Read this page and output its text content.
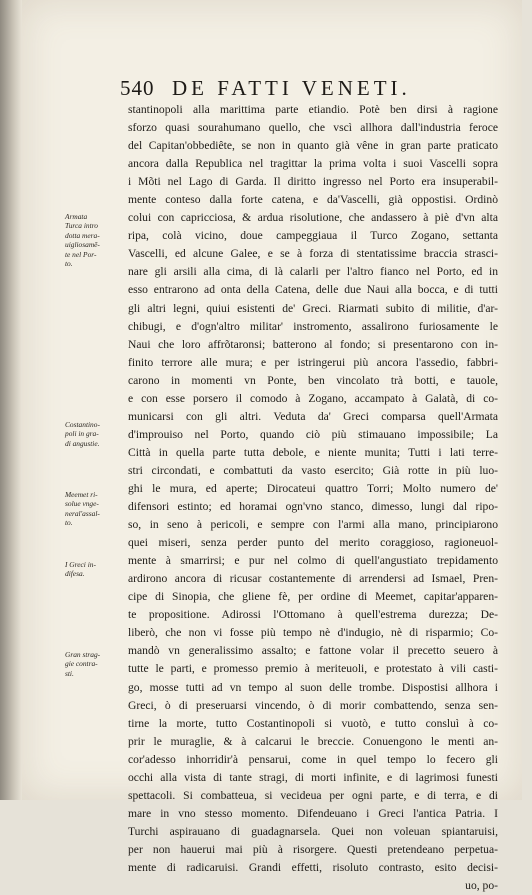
540 DE FATTI VENETI.
Armata
Turca intro
dotta mera-
uigliosamē-
te nel Por-
to.
Costantino-
poli in gra-
di angustie.
Meemet ri-
solue vnge-
neral'assal-
to.
I Greci in-
difesa.
Gran strag-
gie contra-
sti.
stantinopoli alla marittima parte etiandio. Potè ben dirsi à ragione
sforzo quasi sourahumano quello, che vscì allhora dall'industria feroce
del Capitan'obbediête, se non in quanto già vêne in gran parte praticato
ancora dalla Republica nel tragittar la prima volta i suoi Vascelli sopra
i Mõti nel Lago di Garda. Il diritto ingresso nel Porto era insuperabil-
mente conteso dalla forte catena, e da'Vascelli, già oppostisi. Ordinò
colui con capricciosa, & ardua risolutione, che andassero à piè d'vn alta
ripa, colà vicino, doue campeggiaua il Turco Zogano, settanta
Vascelli, ed alcune Galee, e se à forza di stentatissime braccia strasci-
nare gli arsili alla cima, di là calarli per l'altro fianco nel Porto, ed in
esso entrarono ad onta della Catena, delle due Naui alla bocca, e di tutti
gli altri legni, quiui esistenti de' Greci. Riarmati subito di militie, d'ar-
chibugi, e d'ogn'altro militar' instromento, assalirono furiosamente le
Naui che loro affrõtaronsi; batterono al fondo; si presentarono con in-
finito terrore alle mura; e per istringerui più ancora l'assedio, fabbri-
carono in momenti vn Ponte, ben vincolato trà botti, e tauole,
e con esse porsero il comodo à Zogano, accampato à Galatà, di co-
municarsi con gli altri. Veduta da' Greci comparsa quell'Armata
d'improuiso nel Porto, quando ciò più stimauano impossibile; La
Città in quella parte tutta debole, e niente munita; Tutti i lati terre-
stri circondati, e combattuti da vasto esercito; Già rotte in più luo-
ghi le mura, ed aperte; Dirocateui quattro Torri; Molto numero de'
difensori estinto; ed horamai ogn'vno stanco, dimesso, lungi dal ripo-
so, in seno à pericoli, e sempre con l'armi alla mano, principiarono
quei miseri, senza perder punto del merito coraggioso, ragioneuol-
mente à smarrirsi; e pur nel colmo di quell'angustiato trepidamento
ardirono ancora di ricusar costantemente di arrendersi ad Ismael, Pren-
cipe di Sinopia, che gliene fè, per ordine di Meemet, capitar'apparen-
te propositione. Adirossi l'Ottomano à quell'estrema durezza; De-
liberò, che non vi fosse più tempo nè d'indugio, nè di risparmio; Co-
mandò vn generalissimo assalto; e fattone volar il precetto seuero à
tutte le parti, e promesso premio à meriteuoli, e protestato à vili casti-
go, mosse tutti ad vn tempo al suon delle trombe. Dispostisi allhora i
Greci, ò di preseruarsi vincendo, ò di morir combattendo, senza sen-
tirne la morte, tutto Costantinopoli si vuotò, e tutto consluì à co-
prir le muraglie, & à calcarui le breccie. Conuengono le menti an-
cor'adesso inhorridir'à pensarui, come in quel tempo lo fecero gli
occhi alla vista di tante stragi, di morti infinite, e di lagrimosi funesti
spettacoli. Si combatteua, si vecideua per ogni parte, e di terra, e di
mare in vno stesso momento. Difendeuano i Greci l'antica Patria. I
Turchi aspirauano di guadagnarsela. Quei non voleuan spiantaruisi,
per non hauerui mai più à risorgere. Questi pretendeano perpetua-
mente di radicaruisi. Grandi effetti, risoluto contrasto, esito decisi-
uo, po-
